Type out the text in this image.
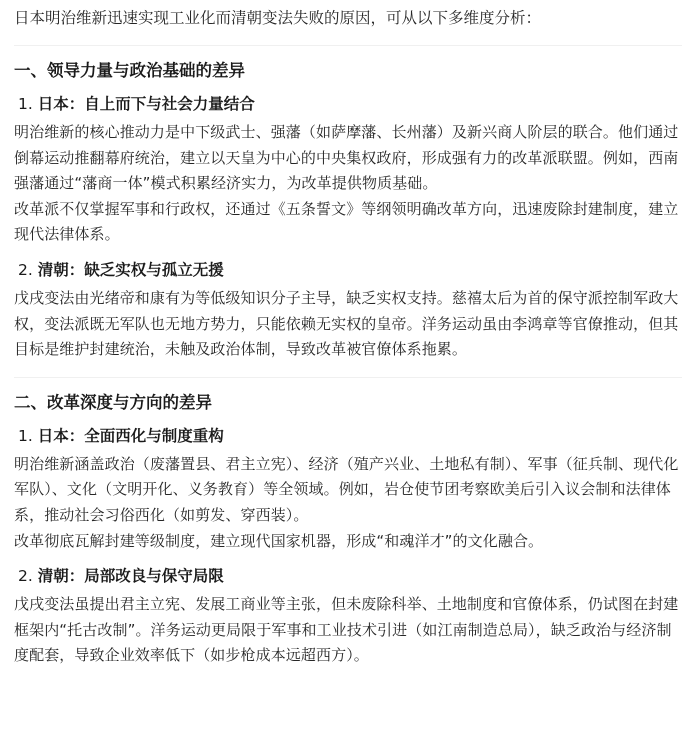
日本明治维新迅速实现工业化而清朝变法失败的原因，可从以下多维度分析：

一、领导力量与政治基础的差异
1. 日本：自上而下与社会力量结合

明治维新的核心推动力是中下级武士、强藩（如萨摩藩、长州藩）及新兴商人阶层的联合。他们通过倒幕运动推翻幕府统治，建立以天皇为中心的中央集权政府，形成强有力的改革派联盟。例如，西南强藩通过“藩商一体”模式积累经济实力，为改革提供物质基础。

改革派不仅掌握军事和行政权，还通过《五条誓文》等纲领明确改革方向，迅速废除封建制度，建立现代法律体系。

2. 清朝：缺乏实权与孤立无援

戊戌变法由光绪帝和康有为等低级知识分子主导，缺乏实权支持。慈禧太后为首的保守派控制军政大权，变法派既无军队也无地方势力，只能依赖无实权的皇帝。洋务运动虽由李鸿章等官僚推动，但其目标是维护封建统治，未触及政治体制，导致改革被官僚体系拖累。

二、改革深度与方向的差异
1. 日本：全面西化与制度重构

明治维新涵盖政治（废藩置县、君主立宪）、经济（殖产兴业、土地私有制）、军事（征兵制、现代化军队）、文化（文明开化、义务教育）等全领域。例如，岩仓使节团考察欧美后引入议会制和法律体系，推动社会习俗西化（如剪发、穿西装）。

改革彻底瓦解封建等级制度，建立现代国家机器，形成“和魂洋才”的文化融合。

2. 清朝：局部改良与保守局限

戊戌变法虽提出君主立宪、发展工商业等主张，但未废除科举、土地制度和官僚体系，仍试图在封建框架内“托古改制”。洋务运动更局限于军事和工业技术引进（如江南制造总局），缺乏政治与经济制度配套，导致企业效率低下（如步枪成本远超西方）。
